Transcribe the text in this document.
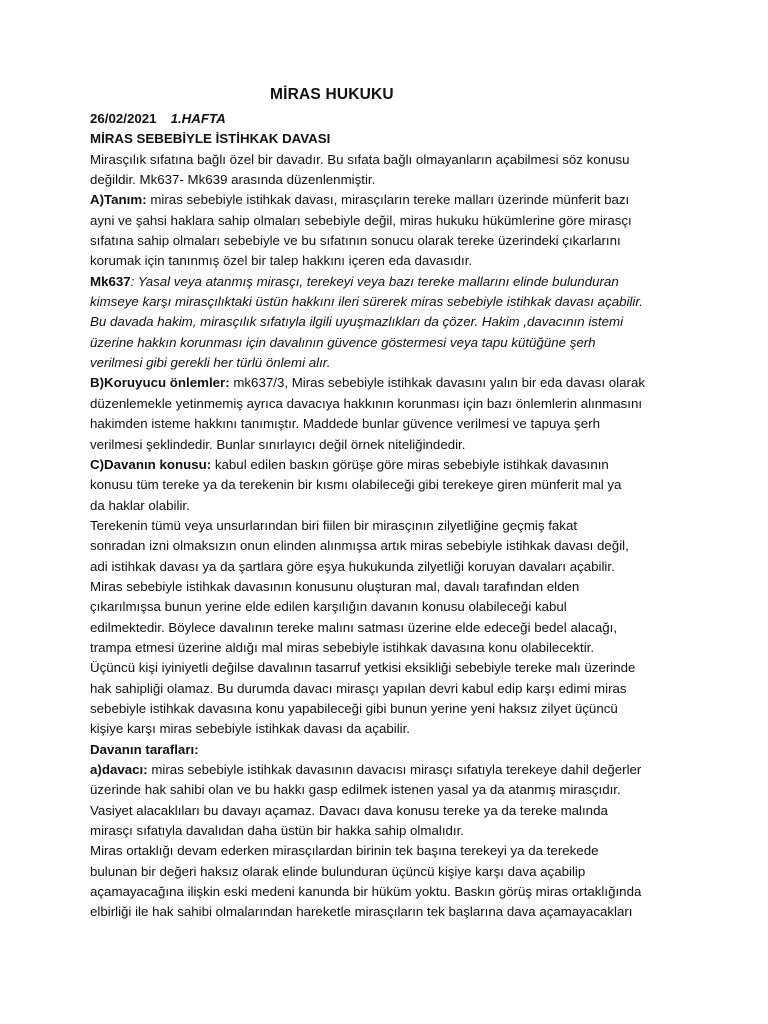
MİRAS HUKUKU
26/02/2021 1.HAFTA
MİRAS SEBEBİYLE İSTİHKAK DAVASI
Mirasçılık sıfatına bağlı özel bir davadır. Bu sıfata bağlı olmayanların açabilmesi söz konusu
değildir. Mk637- Mk639 arasında düzenlenmiştir.
A)Tanım: miras sebebiyle istihkak davası, mirasçıların tereke malları üzerinde münferit bazı
ayni ve şahsi haklara sahip olmaları sebebiyle değil, miras hukuku hükümlerine göre mirasçı
sıfatına sahip olmaları sebebiyle ve bu sıfatının sonucu olarak tereke üzerindeki çıkarlarını
korumak için tanınmış özel bir talep hakkını içeren eda davasıdır.
Mk637: Yasal veya atanmış mirasçı, terekeyi veya bazı tereke mallarını elinde bulunduran
kimseye karşı mirasçılıktaki üstün hakkını ileri sürerek miras sebebiyle istihkak davası açabilir.
Bu davada hakim, mirasçılık sıfatıyla ilgili uyuşmazlıkları da çözer. Hakim ,davacının istemi
üzerine hakkın korunması için davalının güvence göstermesi veya tapu kütüğüne şerh
verilmesi gibi gerekli her türlü önlemi alır.
B)Koruyucu önlemler: mk637/3, Miras sebebiyle istihkak davasını yalın bir eda davası olarak
düzenlemekle yetinmemiş ayrıca davacıya hakkının korunması için bazı önlemlerin alınmasını
hakimden isteme hakkını tanımıştır. Maddede bunlar güvence verilmesi ve tapuya şerh
verilmesi şeklindedir. Bunlar sınırlayıcı değil örnek niteliğindedir.
C)Davanın konusu: kabul edilen baskın görüşe göre miras sebebiyle istihkak davasının
konusu tüm tereke ya da terekenin bir kısmı olabileceği gibi terekeye giren münferit mal ya
da haklar olabilir.
Terekenin tümü veya unsurlarından biri fiilen bir mirasçının zilyetliğine geçmiş fakat
sonradan izni olmaksızın onun elinden alınmışsa artık miras sebebiyle istihkak davası değil,
adi istihkak davası ya da şartlara göre eşya hukukunda zilyetliği koruyan davaları açabilir.
Miras sebebiyle istihkak davasının konusunu oluşturan mal, davalı tarafından elden
çıkarılmışsa bunun yerine elde edilen karşılığın davanın konusu olabileceği kabul
edilmektedir. Böylece davalının tereke malını satması üzerine elde edeceği bedel alacağı,
trampa etmesi üzerine aldığı mal miras sebebiyle istihkak davasına konu olabilecektir.
Üçüncü kişi iyiniyetli değilse davalının tasarruf yetkisi eksikliği sebebiyle tereke malı üzerinde
hak sahipliği olamaz. Bu durumda davacı mirasçı yapılan devri kabul edip karşı edimi miras
sebebiyle istihkak davasına konu yapabileceği gibi bunun yerine yeni haksız zilyet üçüncü
kişiye karşı miras sebebiyle istihkak davası da açabilir.
Davanın tarafları:
a)davacı: miras sebebiyle istihkak davasının davacısı mirasçı sıfatıyla terekeye dahil değerler
üzerinde hak sahibi olan ve bu hakkı gasp edilmek istenen yasal ya da atanmış mirasçıdır.
Vasiyet alacaklıları bu davayı açamaz. Davacı dava konusu tereke ya da tereke malında
mirasçı sıfatıyla davalıdan daha üstün bir hakka sahip olmalıdır.
Miras ortaklığı devam ederken mirasçılardan birinin tek başına terekeyi ya da terekede
bulunan bir değeri haksız olarak elinde bulunduran üçüncü kişiye karşı dava açabilip
açamayacağına ilişkin eski medeni kanunda bir hüküm yoktu. Baskın görüş miras ortaklığında
elbirliği ile hak sahibi olmalarından hareketle mirasçıların tek başlarına dava açamayacakları
